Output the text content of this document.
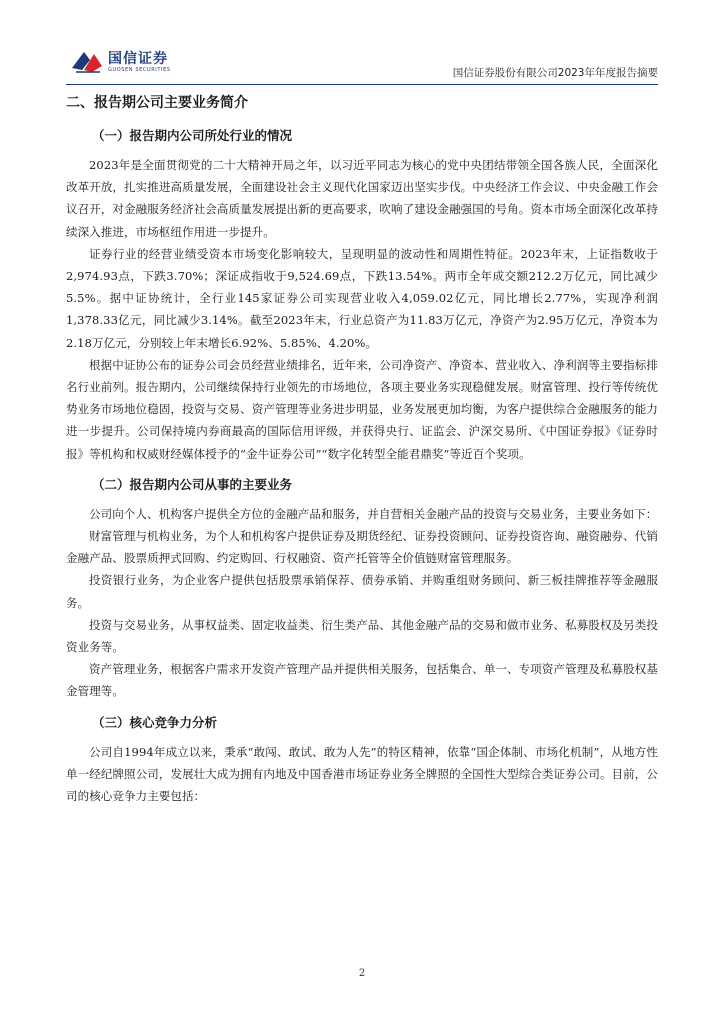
国信证券
GUOSEN SECURITIES	国信证券股份有限公司2023年年度报告摘要
二、报告期公司主要业务简介
（一）报告期内公司所处行业的情况

2023年是全面贯彻党的二十大精神开局之年，以习近平同志为核心的党中央团结带领全国各族人民，全面深化改革开放，扎实推进高质量发展，全面建设社会主义现代化国家迈出坚实步伐。中央经济工作会议、中央金融工作会议召开，对金融服务经济社会高质量发展提出新的更高要求，吹响了建设金融强国的号角。资本市场全面深化改革持续深入推进，市场枢纽作用进一步提升。

证券行业的经营业绩受资本市场变化影响较大，呈现明显的波动性和周期性特征。2023年末，上证指数收于2,974.93点，下跌3.70%；深证成指收于9,524.69点，下跌13.54%。两市全年成交额212.2万亿元，同比减少5.5%。据中证协统计，全行业145家证券公司实现营业收入4,059.02亿元，同比增长2.77%，实现净利润1,378.33亿元，同比减少3.14%。截至2023年末，行业总资产为11.83万亿元，净资产为2.95万亿元，净资本为2.18万亿元，分别较上年末增长6.92%、5.85%、4.20%。

根据中证协公布的证券公司会员经营业绩排名，近年来，公司净资产、净资本、营业收入、净利润等主要指标排名行业前列。报告期内，公司继续保持行业领先的市场地位，各项主要业务实现稳健发展。财富管理、投行等传统优势业务市场地位稳固，投资与交易、资产管理等业务进步明显，业务发展更加均衡，为客户提供综合金融服务的能力进一步提升。公司保持境内券商最高的国际信用评级，并获得央行、证监会、沪深交易所、《中国证券报》《证券时报》等机构和权威财经媒体授予的“金牛证券公司”“数字化转型全能君鼎奖”等近百个奖项。

（二）报告期内公司从事的主要业务

公司向个人、机构客户提供全方位的金融产品和服务，并自营相关金融产品的投资与交易业务，主要业务如下：

财富管理与机构业务，为个人和机构客户提供证券及期货经纪、证券投资顾问、证券投资咨询、融资融券、代销金融产品、股票质押式回购、约定购回、行权融资、资产托管等全价值链财富管理服务。

投资银行业务，为企业客户提供包括股票承销保荐、债券承销、并购重组财务顾问、新三板挂牌推荐等金融服务。

投资与交易业务，从事权益类、固定收益类、衍生类产品、其他金融产品的交易和做市业务、私募股权及另类投资业务等。

资产管理业务，根据客户需求开发资产管理产品并提供相关服务，包括集合、单一、专项资产管理及私募股权基金管理等。

（三）核心竞争力分析

公司自1994年成立以来，秉承“敢闯、敢试、敢为人先”的特区精神，依靠“国企体制、市场化机制”，从地方性单一经纪牌照公司，发展壮大成为拥有内地及中国香港市场证券业务全牌照的全国性大型综合类证券公司。目前，公司的核心竞争力主要包括：

2
